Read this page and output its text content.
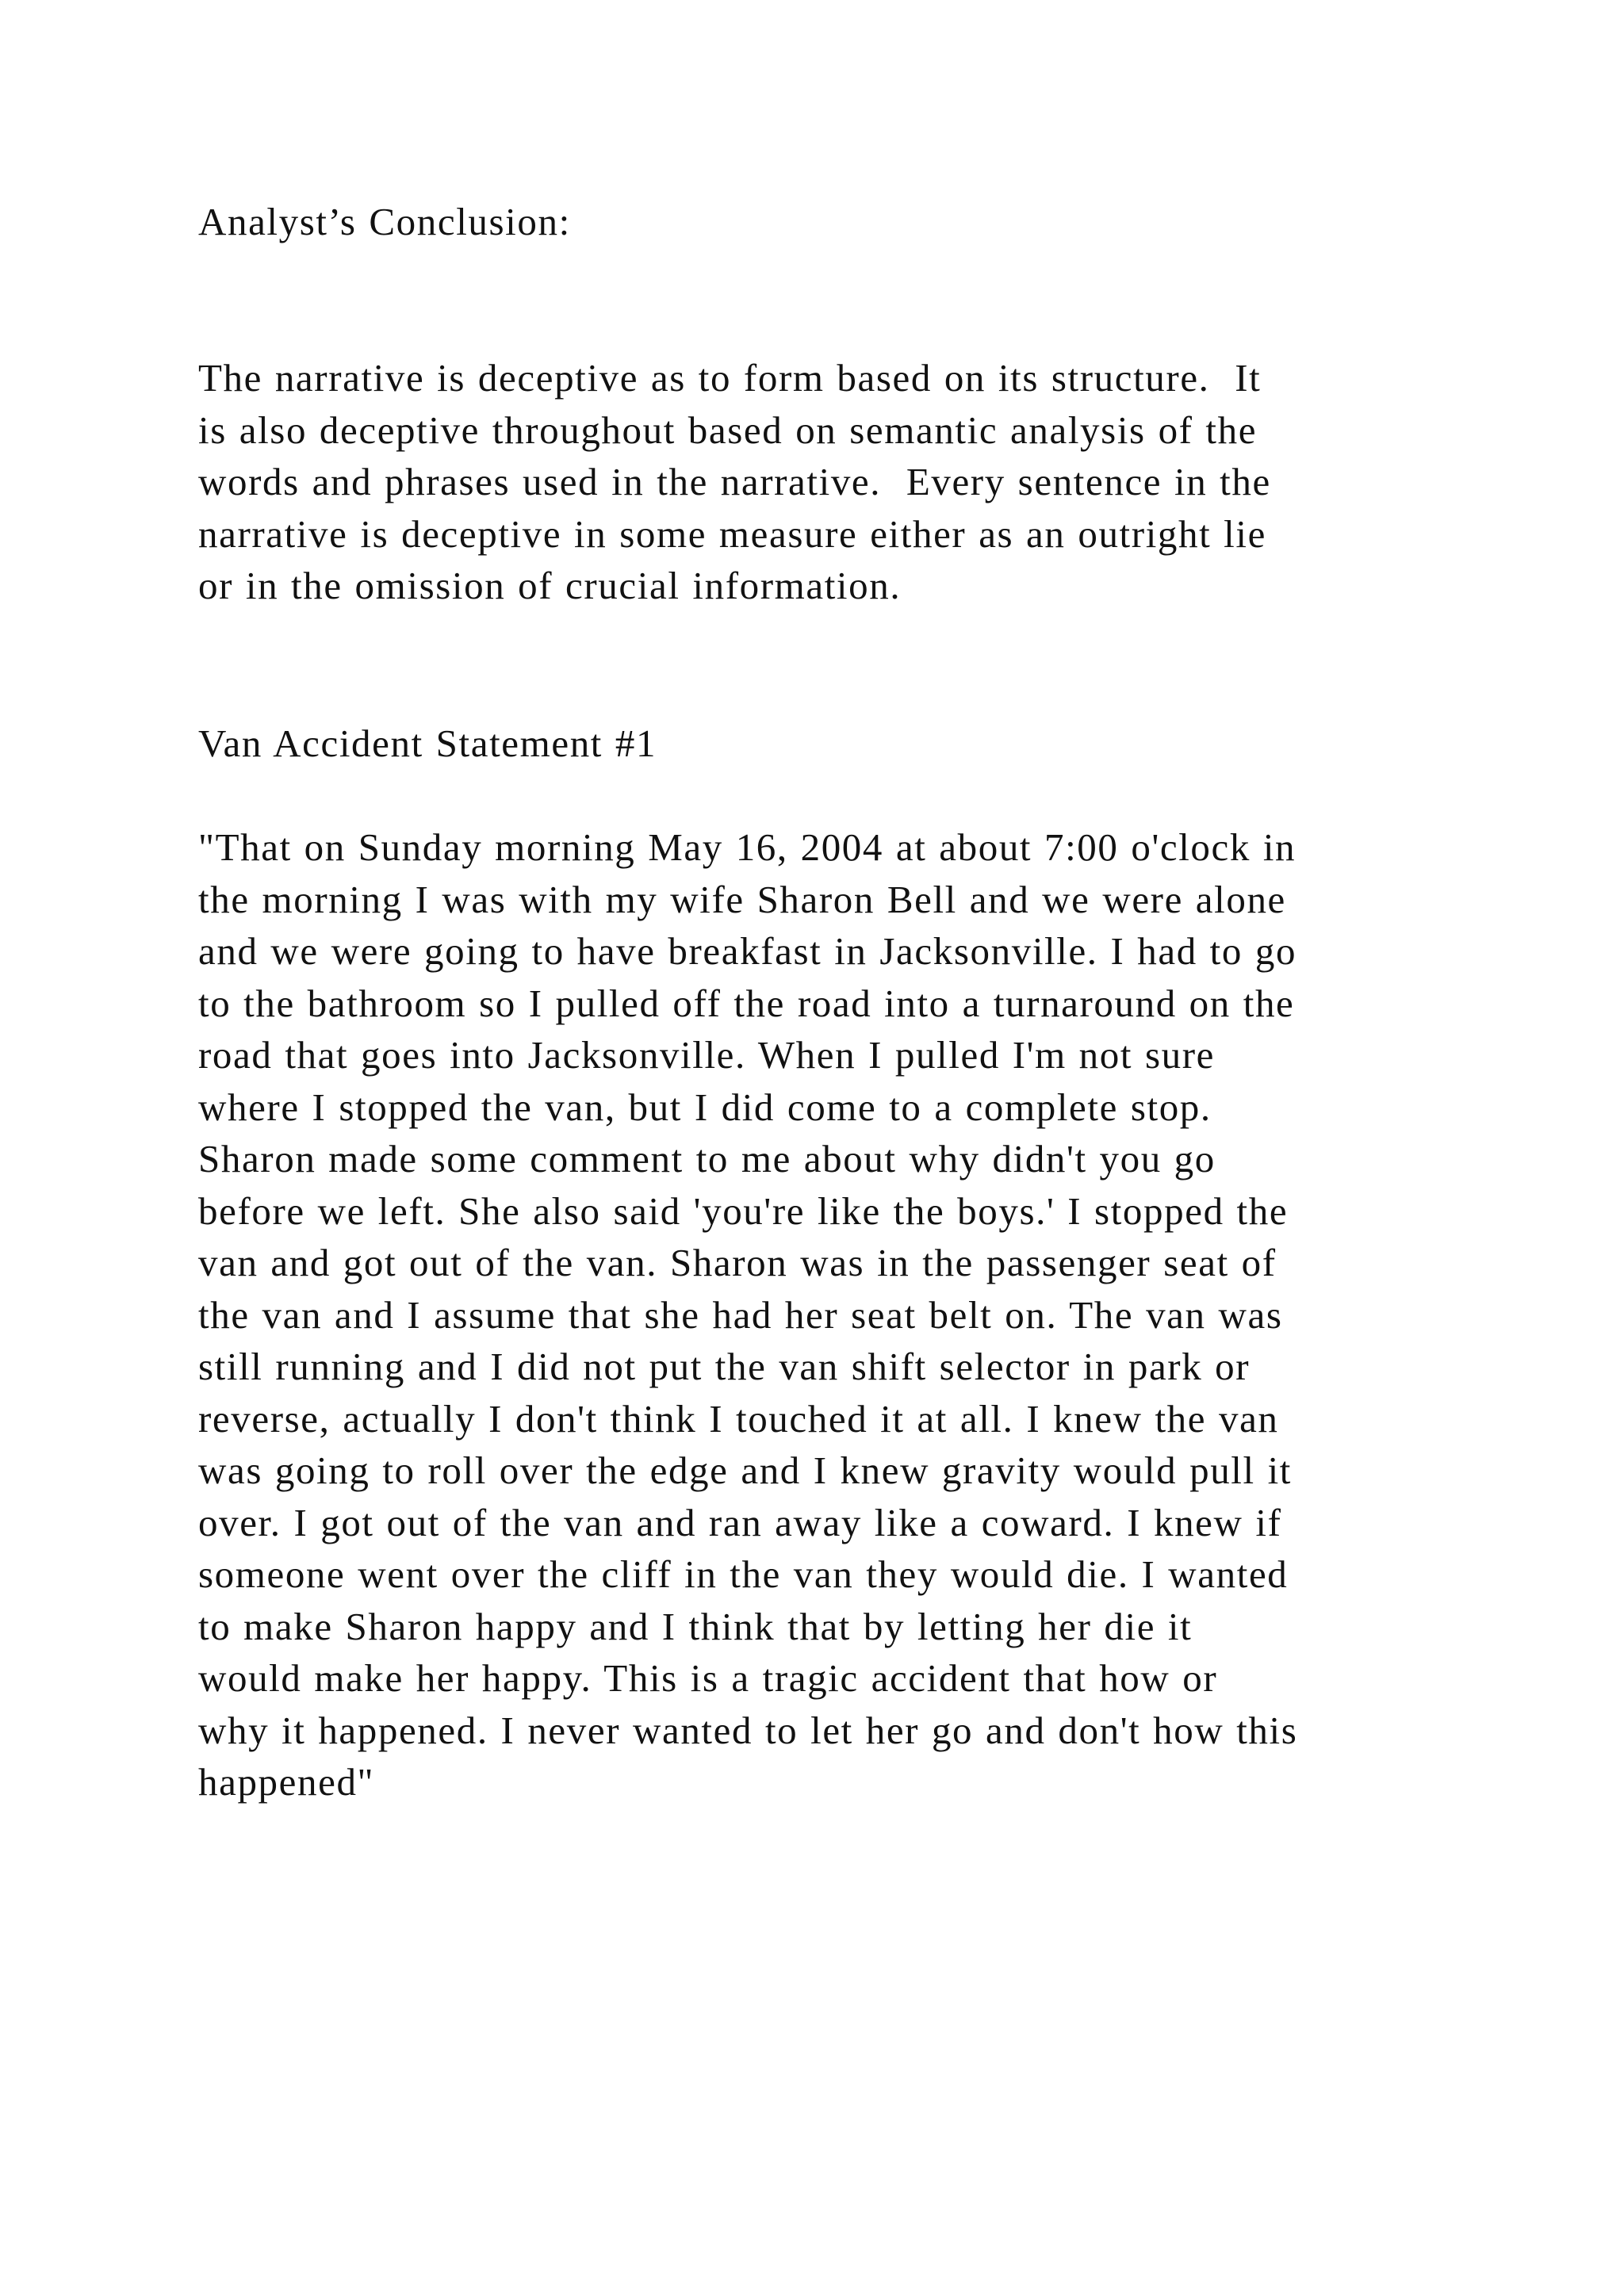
Analyst’s Conclusion:

The narrative is deceptive as to form based on its structure.  It
is also deceptive throughout based on semantic analysis of the
words and phrases used in the narrative.  Every sentence in the
narrative is deceptive in some measure either as an outright lie
or in the omission of crucial information.

Van Accident Statement #1

"That on Sunday morning May 16, 2004 at about 7:00 o'clock in
the morning I was with my wife Sharon Bell and we were alone
and we were going to have breakfast in Jacksonville. I had to go
to the bathroom so I pulled off the road into a turnaround on the
road that goes into Jacksonville. When I pulled I'm not sure
where I stopped the van, but I did come to a complete stop.
Sharon made some comment to me about why didn't you go
before we left. She also said 'you're like the boys.' I stopped the
van and got out of the van. Sharon was in the passenger seat of
the van and I assume that she had her seat belt on. The van was
still running and I did not put the van shift selector in park or
reverse, actually I don't think I touched it at all. I knew the van
was going to roll over the edge and I knew gravity would pull it
over. I got out of the van and ran away like a coward. I knew if
someone went over the cliff in the van they would die. I wanted
to make Sharon happy and I think that by letting her die it
would make her happy. This is a tragic accident that how or
why it happened. I never wanted to let her go and don't how this
happened"
